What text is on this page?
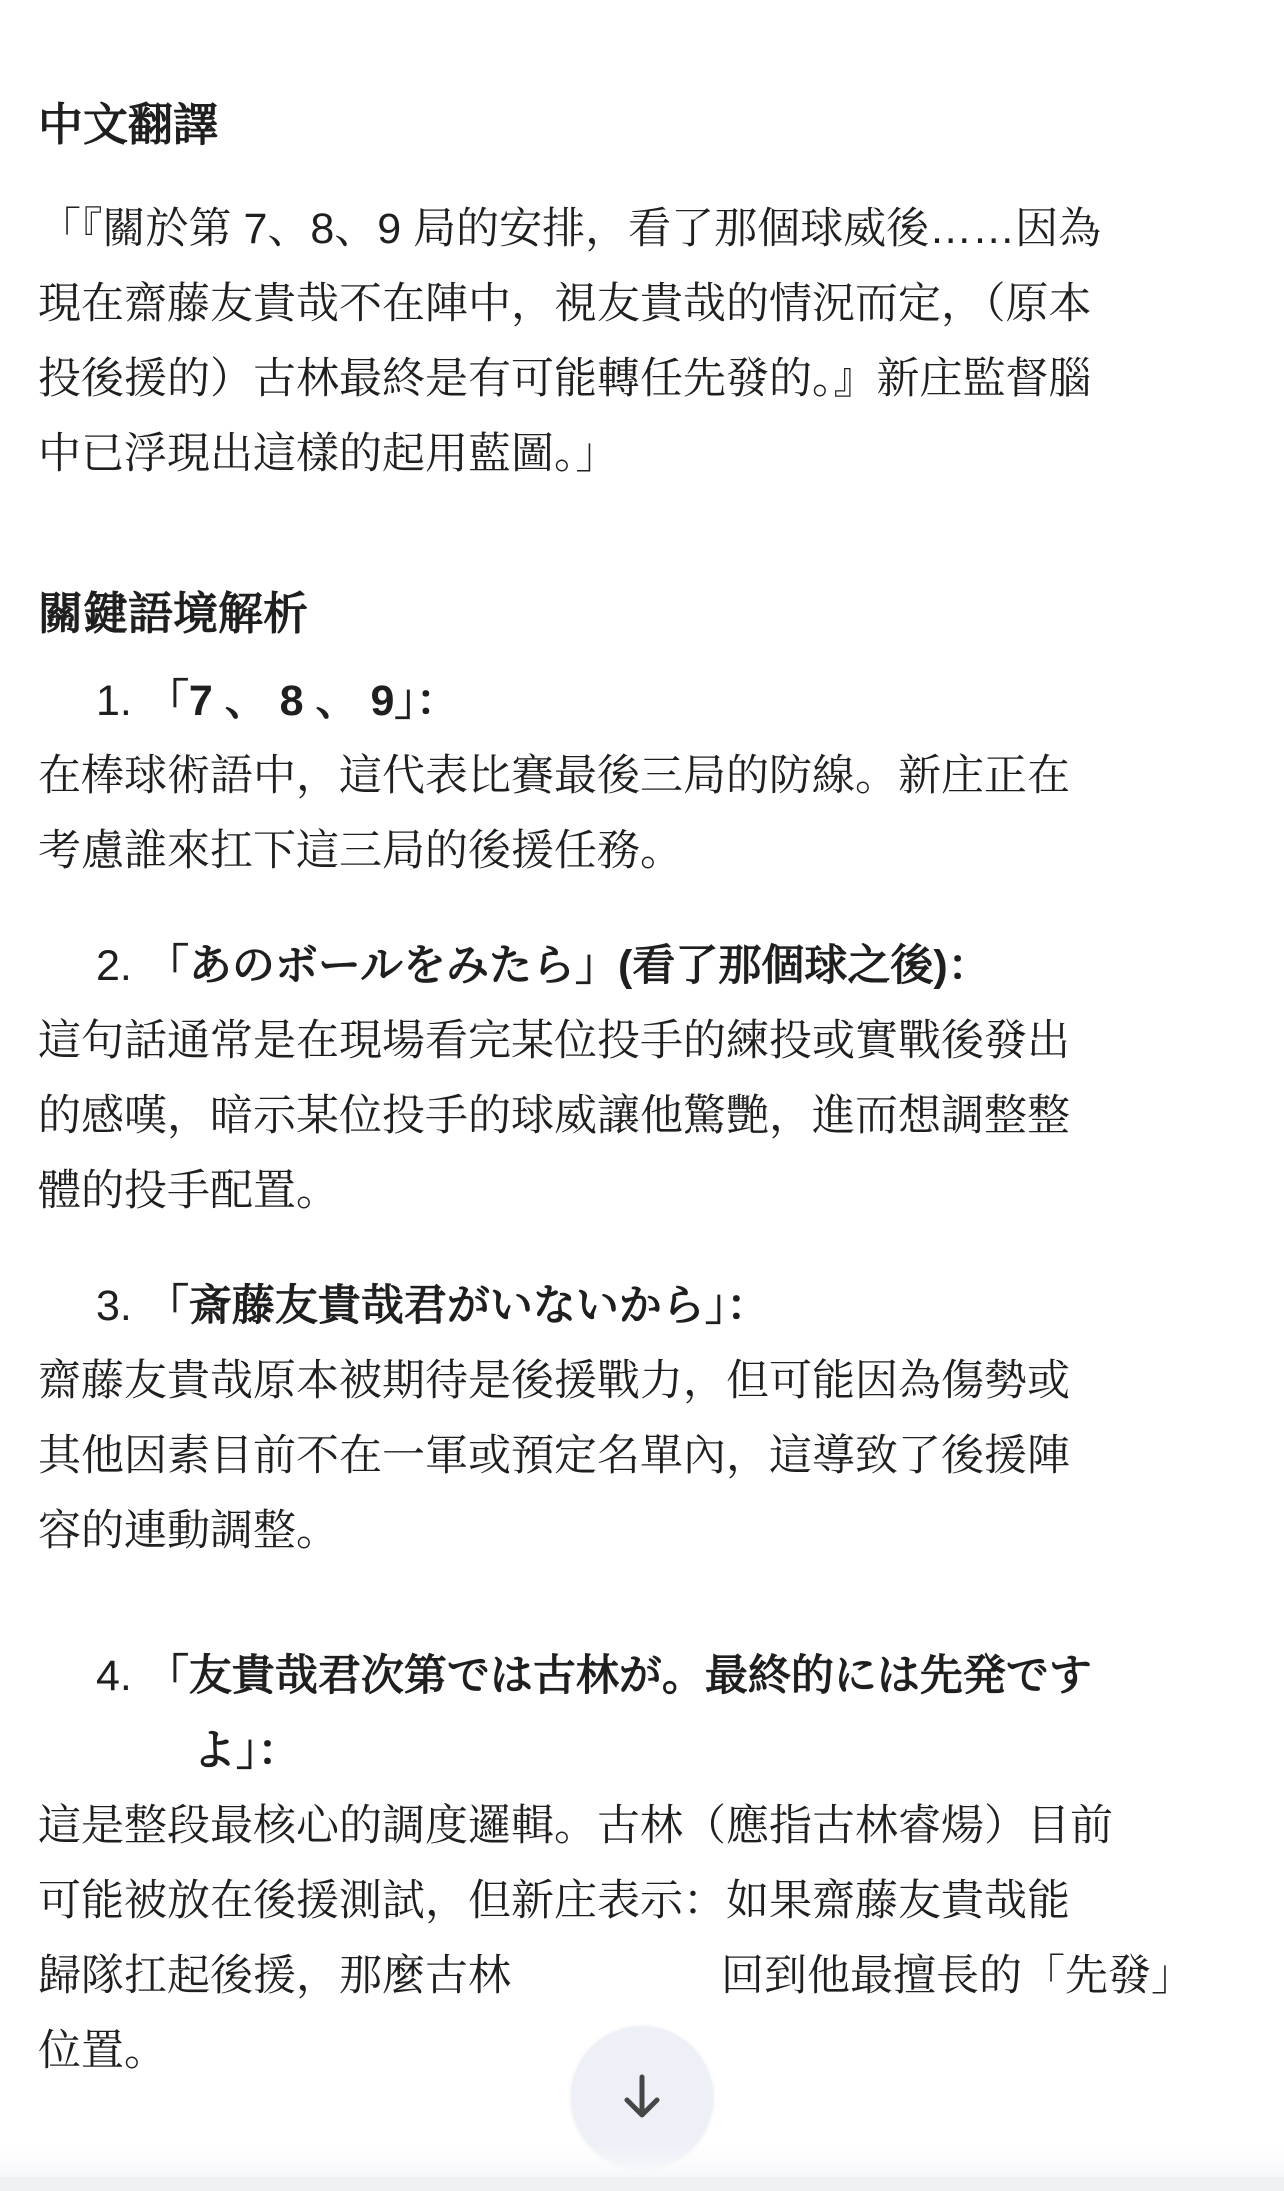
中文翻譯
「『關於第 7、8、9 局的安排，看了那個球威後……因為
現在齋藤友貴哉不在陣中，視友貴哉的情況而定，（原本
投後援的）古林最終是有可能轉任先發的。』新庄監督腦
中已浮現出這樣的起用藍圖。」
關鍵語境解析
1. 「7 、 8 、 9」：
在棒球術語中，這代表比賽最後三局的防線。新庄正在
考慮誰來扛下這三局的後援任務。
2. 「あのボールをみたら」(看了那個球之後)：
這句話通常是在現場看完某位投手的練投或實戰後發出
的感嘆，暗示某位投手的球威讓他驚艷，進而想調整整
體的投手配置。
3. 「斎藤友貴哉君がいないから」：
齋藤友貴哉原本被期待是後援戰力，但可能因為傷勢或
其他因素目前不在一軍或預定名單內，這導致了後援陣
容的連動調整。
4. 「友貴哉君次第では古林が。最終的には先発です
よ」：
這是整段最核心的調度邏輯。古林（應指古林睿煬）目前
可能被放在後援測試，但新庄表示：如果齋藤友貴哉能
歸隊扛起後援，那麼古林	回到他最擅長的「先發」
位置。
